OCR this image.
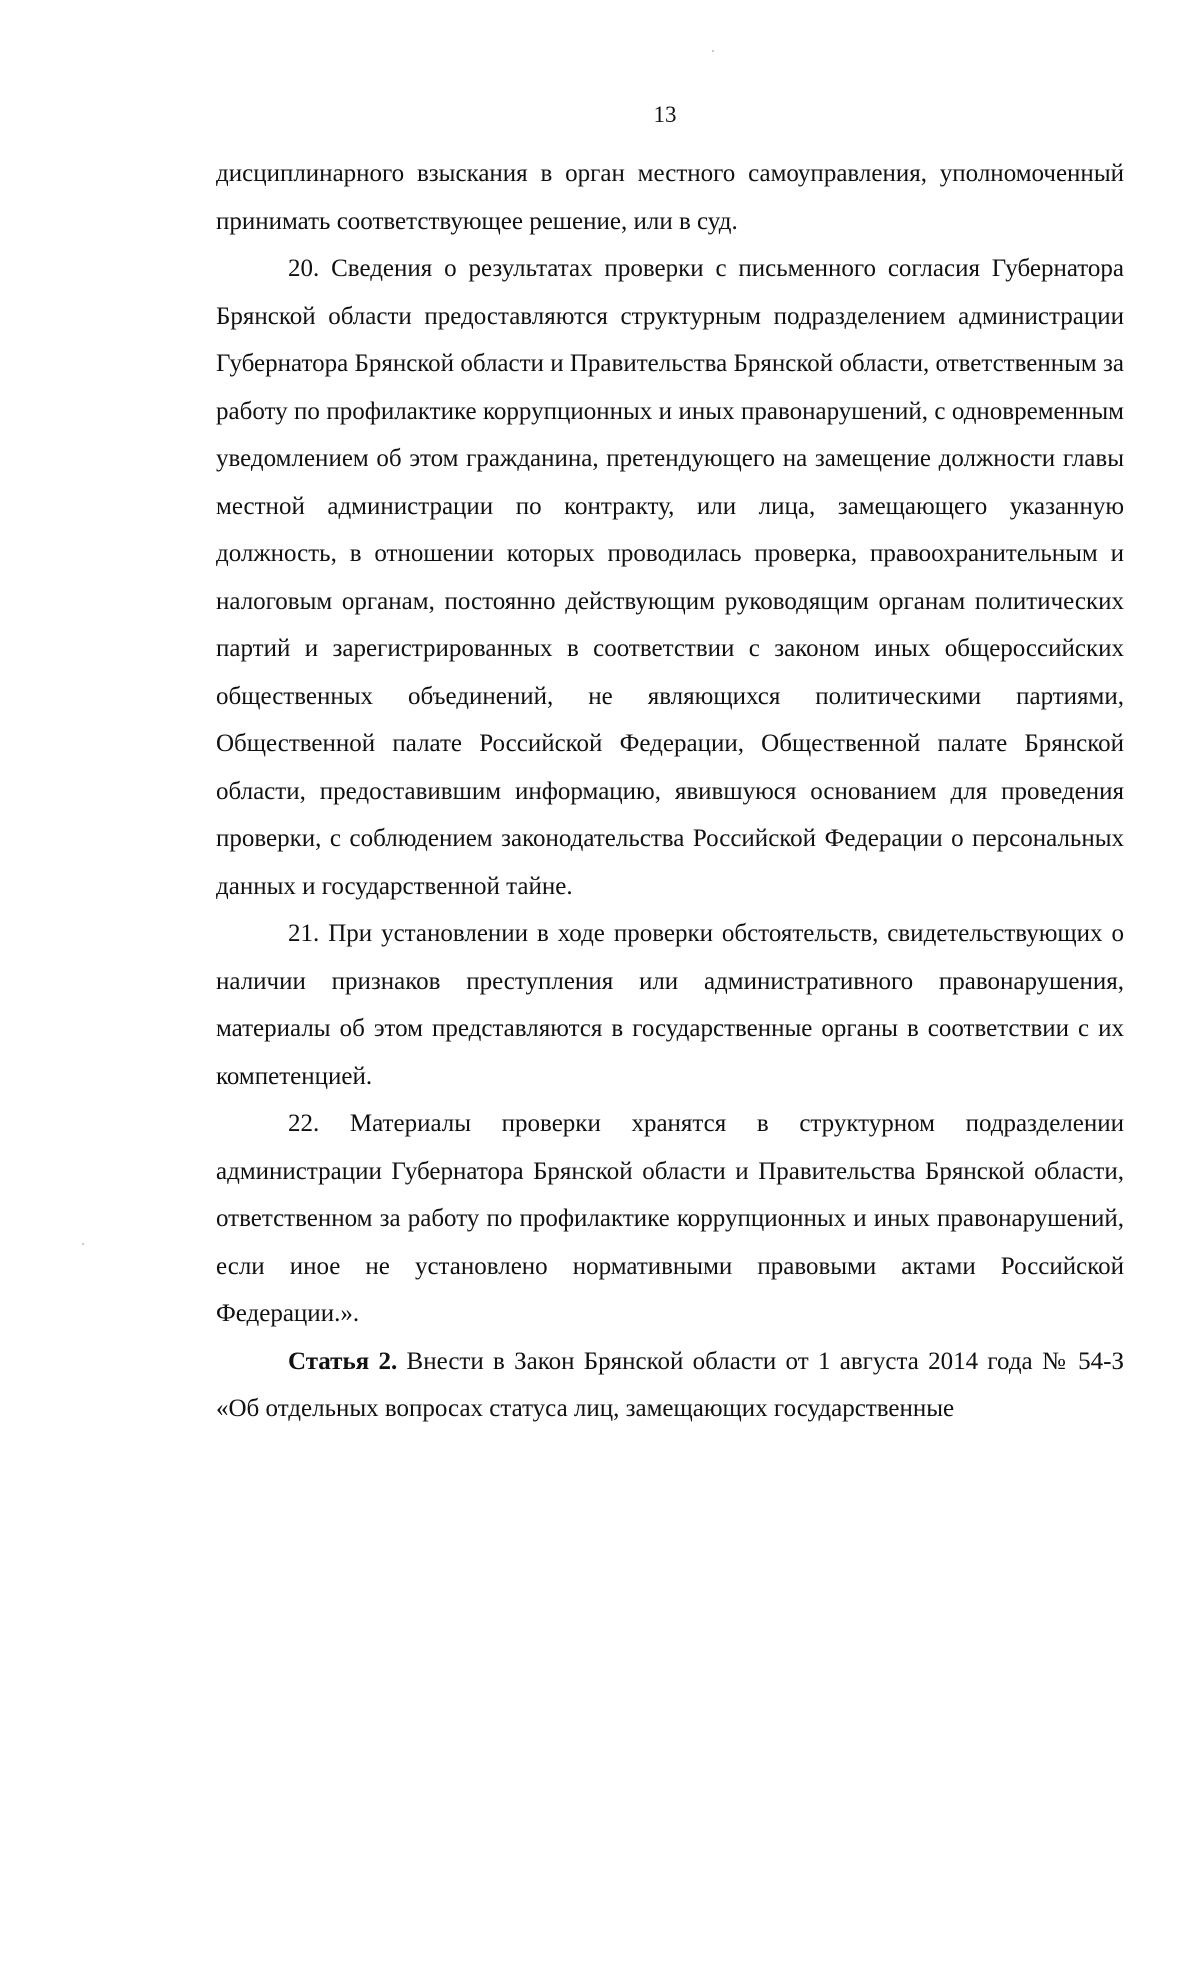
13

дисциплинарного взыскания в орган местного самоуправления, уполномоченный принимать соответствующее решение, или в суд.

20. Сведения о результатах проверки с письменного согласия Губернатора Брянской области предоставляются структурным подразделением администрации Губернатора Брянской области и Правительства Брянской области, ответственным за работу по профилактике коррупционных и иных правонарушений, с одновременным уведомлением об этом гражданина, претендующего на замещение должности главы местной администрации по контракту, или лица, замещающего указанную должность, в отношении которых проводилась проверка, правоохранительным и налоговым органам, постоянно действующим руководящим органам политических партий и зарегистрированных в соответствии с законом иных общероссийских общественных объединений, не являющихся политическими партиями, Общественной палате Российской Федерации, Общественной палате Брянской области, предоставившим информацию, явившуюся основанием для проведения проверки, с соблюдением законодательства Российской Федерации о персональных данных и государственной тайне.

21. При установлении в ходе проверки обстоятельств, свидетельствующих о наличии признаков преступления или административного правонарушения, материалы об этом представляются в государственные органы в соответствии с их компетенцией.

22. Материалы проверки хранятся в структурном подразделении администрации Губернатора Брянской области и Правительства Брянской области, ответственном за работу по профилактике коррупционных и иных правонарушений, если иное не установлено нормативными правовыми актами Российской Федерации.».

Статья 2. Внести в Закон Брянской области от 1 августа 2014 года № 54-З «Об отдельных вопросах статуса лиц, замещающих государственные
